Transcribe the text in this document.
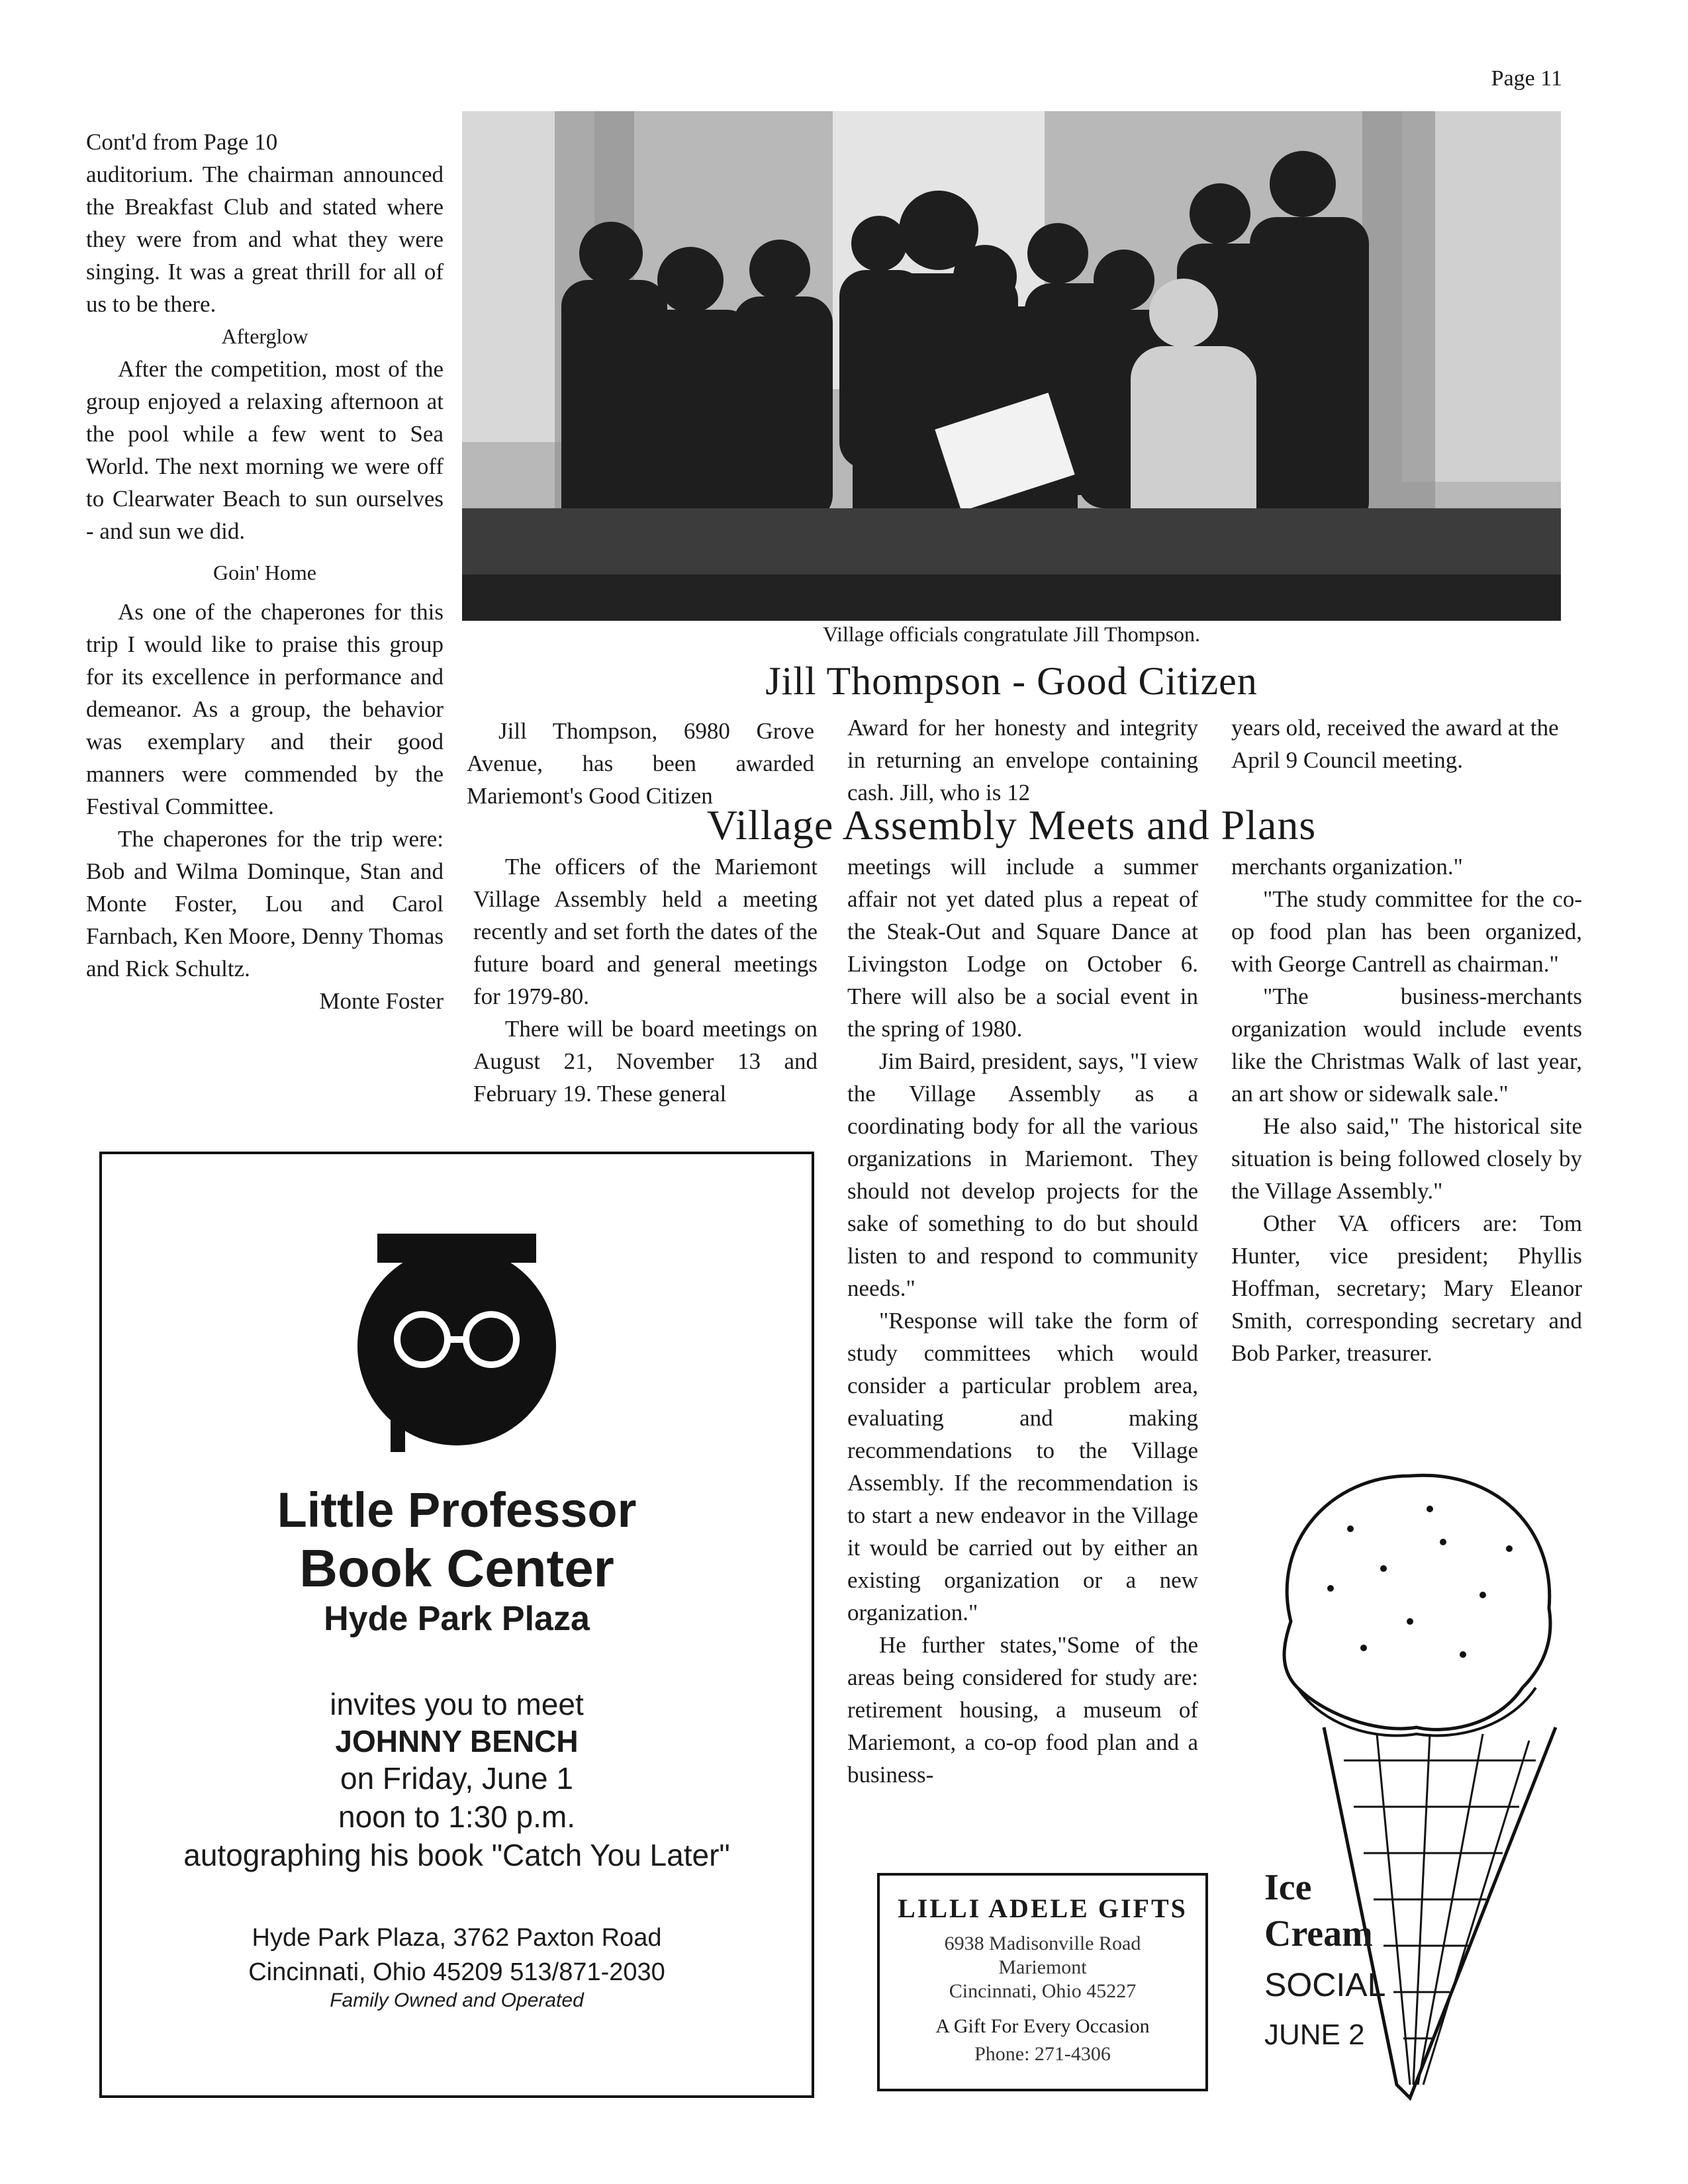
Page 11

Cont'd from Page 10

auditorium. The chairman announced the Breakfast Club and stated where they were from and what they were singing. It was a great thrill for all of us to be there.

Afterglow

After the competition, most of the group enjoyed a relaxing afternoon at the pool while a few went to Sea World. The next morning we were off to Clearwater Beach to sun ourselves - and sun we did.

Goin' Home

As one of the chaperones for this trip I would like to praise this group for its excellence in performance and demeanor. As a group, the behavior was exemplary and their good manners were commended by the Festival Committee.

The chaperones for the trip were: Bob and Wilma Dominque, Stan and Monte Foster, Lou and Carol Farnbach, Ken Moore, Denny Thomas and Rick Schultz.

Monte Foster

Village officials congratulate Jill Thompson.
Jill Thompson - Good Citizen
Jill Thompson, 6980 Grove Avenue, has been awarded Mariemont's Good Citizen
Award for her honesty and integrity in returning an envelope containing cash. Jill, who is 12
years old, received the award at the April 9 Council meeting.
Village Assembly Meets and Plans

The officers of the Mariemont Village Assembly held a meeting recently and set forth the dates of the future board and general meetings for 1979-80.

There will be board meetings on August 21, November 13 and February 19. These general

meetings will include a summer affair not yet dated plus a repeat of the Steak-Out and Square Dance at Livingston Lodge on October 6. There will also be a social event in the spring of 1980.

Jim Baird, president, says, "I view the Village Assembly as a coordinating body for all the various organizations in Mariemont. They should not develop projects for the sake of something to do but should listen to and respond to community needs."

"Response will take the form of study committees which would consider a particular problem area, evaluating and making recommendations to the Village Assembly. If the recommendation is to start a new endeavor in the Village it would be carried out by either an existing organization or a new organization."

He further states,"Some of the areas being considered for study are: retirement housing, a museum of Mariemont, a co-op food plan and a business-

merchants organization."

"The study committee for the co-op food plan has been organized, with George Cantrell as chairman."

"The business-merchants organization would include events like the Christmas Walk of last year, an art show or sidewalk sale."

He also said," The historical site situation is being followed closely by the Village Assembly."

Other VA officers are: Tom Hunter, vice president; Phyllis Hoffman, secretary; Mary Eleanor Smith, corresponding secretary and Bob Parker, treasurer.

Little Professor
Book Center
Hyde Park Plaza
invites you to meet
JOHNNY BENCH
on Friday, June 1
noon to 1:30 p.m.
autographing his book "Catch You Later"
Hyde Park Plaza, 3762 Paxton Road
Cincinnati, Ohio 45209 513/871-2030
Family Owned and Operated
LILLI ADELE GIFTS
6938 Madisonville Road
Mariemont
Cincinnati, Ohio 45227
A Gift For Every Occasion
Phone: 271-4306
Ice
Cream
SOCIAL
JUNE 2
